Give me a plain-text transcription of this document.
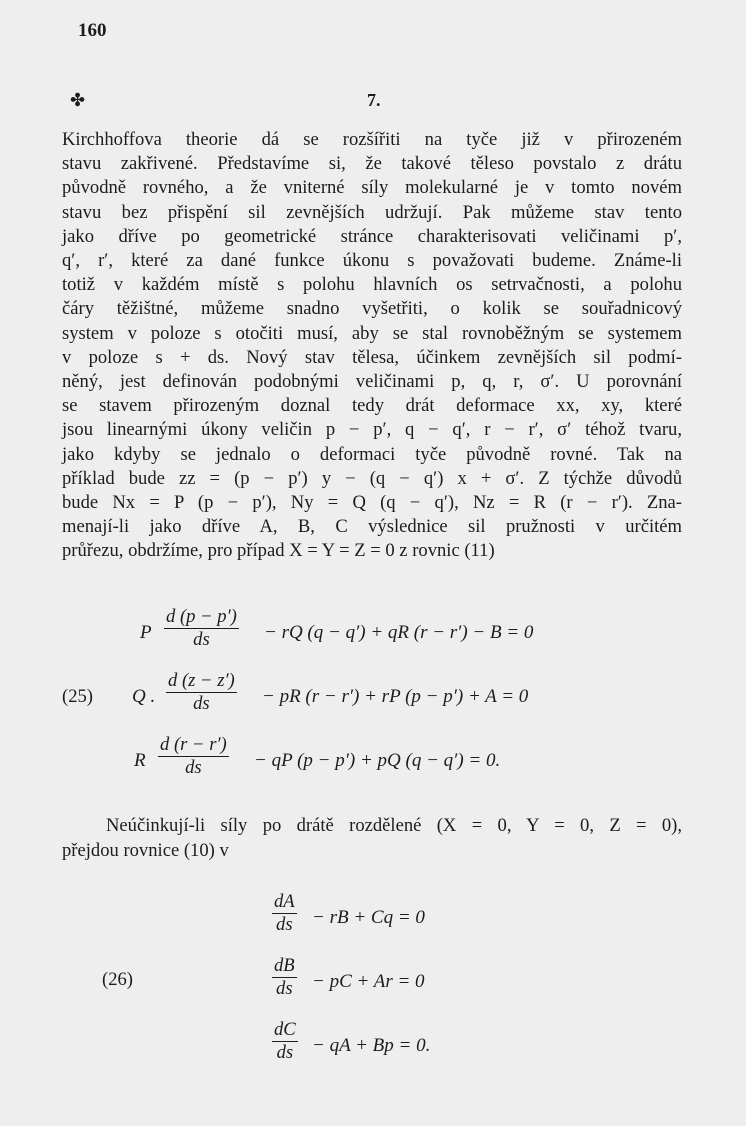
160
✤	7.
Kirchhoffova theorie dá se rozšířiti na tyče již v přirozeném
stavu zakřivené. Představíme si, že takové těleso povstalo z drátu
původně rovného, a že vniterné síly molekularné je v tomto novém
stavu bez přispění sil zevnějších udržují. Pak můžeme stav tento
jako dříve po geometrické stránce charakterisovati veličinami p′,
q′, r′, které za dané funkce úkonu s považovati budeme. Známe-li
totiž v každém místě s polohu hlavních os setrvačnosti, a polohu
čáry těžištné, můžeme snadno vyšetřiti, o kolik se souřadnicový
system v poloze s otočiti musí, aby se stal rovnoběžným se systemem
v poloze s + ds. Nový stav tělesa, účinkem zevnějších sil podmí-
něný, jest definován podobnými veličinami p, q, r, σ′. U porovnání
se stavem přirozeným doznal tedy drát deformace xx, xy, které
jsou linearnými úkony veličin p − p′, q − q′, r − r′, σ′ téhož tvaru,
jako kdyby se jednalo o deformaci tyče původně rovné. Tak na
příklad bude zz = (p − p′) y − (q − q′) x + σ′. Z týchže důvodů
bude Nx = P (p − p′), Ny = Q (q − q′), Nz = R (r − r′). Zna-
menají-li jako dříve A, B, C výslednice sil pružnosti v určitém
průřezu, obdržíme, pro případ X = Y = Z = 0 z rovnic (11)
(25)
P $\frac{d (p - p')}{ds}$ − rQ (q − q′) + qR (r − r′) − B = 0
Q . $\frac{d (z - z')}{ds}$ − pR (r − r′) + rP (p − p′) + A = 0
R $\frac{d (r - r')}{ds}$ − qP (p − p′) + pQ (q − q′) = 0.
Neúčinkují-li síly po drátě rozdělené (X = 0, Y = 0, Z = 0),
přejdou rovnice (10) v
(26)
$\frac{dA}{ds}$ − rB + Cq = 0
$\frac{dB}{ds}$ − pC + Ar = 0
$\frac{dC}{ds}$ − qA + Bp = 0.
